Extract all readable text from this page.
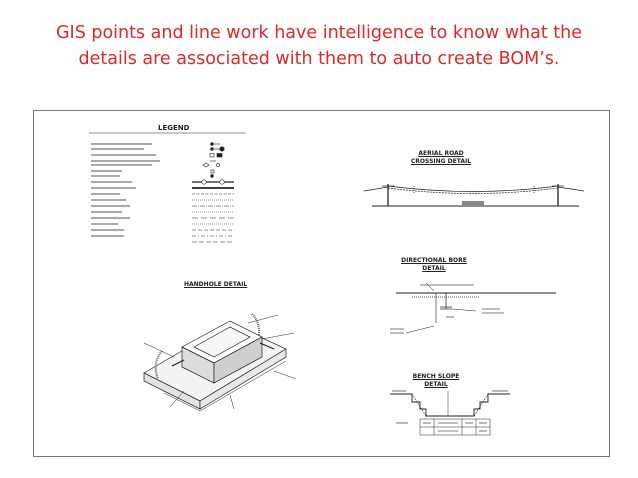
GIS points and line work have intelligence to know what the
details are associated with them to auto create BOM’s.
LEGEND
AERIAL ROAD
CROSSING DETAIL
HANDHOLE DETAIL
DIRECTIONAL BORE
DETAIL
BENCH SLOPE
DETAIL
